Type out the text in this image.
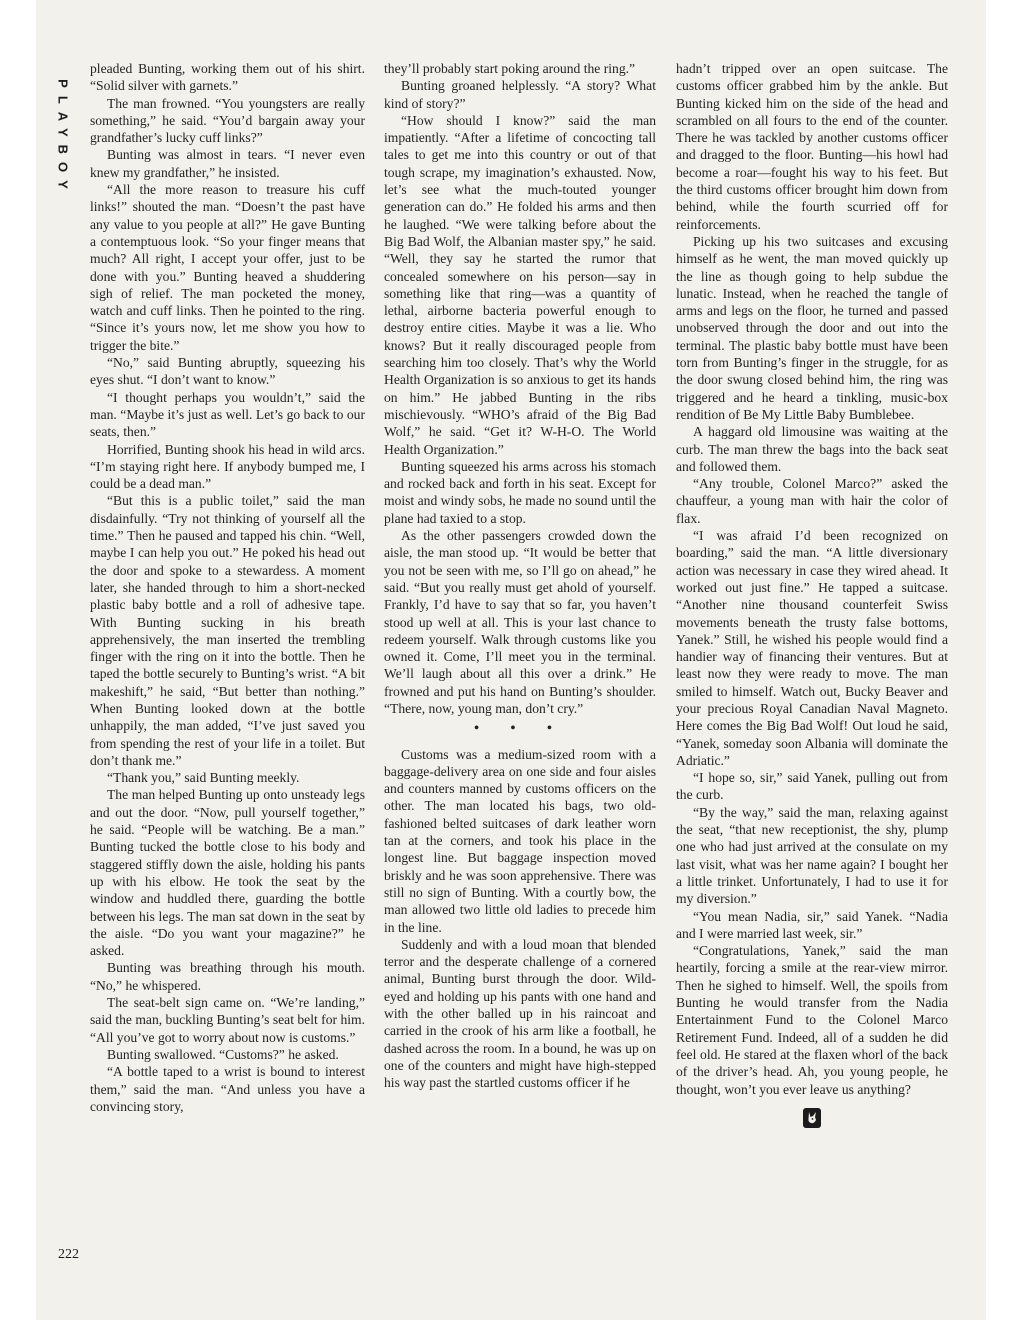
PLAYBOY
222

pleaded Bunting, working them out of his shirt. “Solid silver with garnets.”

The man frowned. “You youngsters are really something,” he said. “You’d bargain away your grandfather’s lucky cuff links?”

Bunting was almost in tears. “I never even knew my grandfather,” he insisted.

“All the more reason to treasure his cuff links!” shouted the man. “Doesn’t the past have any value to you people at all?” He gave Bunting a contemptuous look. “So your finger means that much? All right, I accept your offer, just to be done with you.” Bunting heaved a shuddering sigh of relief. The man pocketed the money, watch and cuff links. Then he pointed to the ring. “Since it’s yours now, let me show you how to trigger the bite.”

“No,” said Bunting abruptly, squeezing his eyes shut. “I don’t want to know.”

“I thought perhaps you wouldn’t,” said the man. “Maybe it’s just as well. Let’s go back to our seats, then.”

Horrified, Bunting shook his head in wild arcs. “I’m staying right here. If anybody bumped me, I could be a dead man.”

“But this is a public toilet,” said the man disdainfully. “Try not thinking of yourself all the time.” Then he paused and tapped his chin. “Well, maybe I can help you out.” He poked his head out the door and spoke to a stewardess. A moment later, she handed through to him a short-necked plastic baby bottle and a roll of adhesive tape. With Bunting sucking in his breath apprehensively, the man inserted the trembling finger with the ring on it into the bottle. Then he taped the bottle securely to Bunting’s wrist. “A bit makeshift,” he said, “But better than nothing.” When Bunting looked down at the bottle unhappily, the man added, “I’ve just saved you from spending the rest of your life in a toilet. But don’t thank me.”

“Thank you,” said Bunting meekly.

The man helped Bunting up onto unsteady legs and out the door. “Now, pull yourself together,” he said. “People will be watching. Be a man.” Bunting tucked the bottle close to his body and staggered stiffly down the aisle, holding his pants up with his elbow. He took the seat by the window and huddled there, guarding the bottle between his legs. The man sat down in the seat by the aisle. “Do you want your magazine?” he asked.

Bunting was breathing through his mouth. “No,” he whispered.

The seat-belt sign came on. “We’re landing,” said the man, buckling Bunting’s seat belt for him. “All you’ve got to worry about now is customs.”

Bunting swallowed. “Customs?” he asked.

“A bottle taped to a wrist is bound to interest them,” said the man. “And unless you have a convincing story,

they’ll probably start poking around the ring.”

Bunting groaned helplessly. “A story? What kind of story?”

“How should I know?” said the man impatiently. “After a lifetime of concocting tall tales to get me into this country or out of that tough scrape, my imagination’s exhausted. Now, let’s see what the much-touted younger generation can do.” He folded his arms and then he laughed. “We were talking before about the Big Bad Wolf, the Albanian master spy,” he said. “Well, they say he started the rumor that concealed somewhere on his person—say in something like that ring—was a quantity of lethal, airborne bacteria powerful enough to destroy entire cities. Maybe it was a lie. Who knows? But it really discouraged people from searching him too closely. That’s why the World Health Organization is so anxious to get its hands on him.” He jabbed Bunting in the ribs mischievously. “WHO’s afraid of the Big Bad Wolf,” he said. “Get it? W-H-O. The World Health Organization.”

Bunting squeezed his arms across his stomach and rocked back and forth in his seat. Except for moist and windy sobs, he made no sound until the plane had taxied to a stop.

As the other passengers crowded down the aisle, the man stood up. “It would be better that you not be seen with me, so I’ll go on ahead,” he said. “But you really must get ahold of yourself. Frankly, I’d have to say that so far, you haven’t stood up well at all. This is your last chance to redeem yourself. Walk through customs like you owned it. Come, I’ll meet you in the terminal. We’ll laugh about all this over a drink.” He frowned and put his hand on Bunting’s shoulder. “There, now, young man, don’t cry.”

• • •

Customs was a medium-sized room with a baggage-delivery area on one side and four aisles and counters manned by customs officers on the other. The man located his bags, two old-fashioned belted suitcases of dark leather worn tan at the corners, and took his place in the longest line. But baggage inspection moved briskly and he was soon apprehensive. There was still no sign of Bunting. With a courtly bow, the man allowed two little old ladies to precede him in the line.

Suddenly and with a loud moan that blended terror and the desperate challenge of a cornered animal, Bunting burst through the door. Wild-eyed and holding up his pants with one hand and with the other balled up in his raincoat and carried in the crook of his arm like a football, he dashed across the room. In a bound, he was up on one of the counters and might have high-stepped his way past the startled customs officer if he

hadn’t tripped over an open suitcase. The customs officer grabbed him by the ankle. But Bunting kicked him on the side of the head and scrambled on all fours to the end of the counter. There he was tackled by another customs officer and dragged to the floor. Bunting—his howl had become a roar—fought his way to his feet. But the third customs officer brought him down from behind, while the fourth scurried off for reinforcements.

Picking up his two suitcases and excusing himself as he went, the man moved quickly up the line as though going to help subdue the lunatic. Instead, when he reached the tangle of arms and legs on the floor, he turned and passed unobserved through the door and out into the terminal. The plastic baby bottle must have been torn from Bunting’s finger in the struggle, for as the door swung closed behind him, the ring was triggered and he heard a tinkling, music-box rendition of Be My Little Baby Bumblebee.

A haggard old limousine was waiting at the curb. The man threw the bags into the back seat and followed them.

“Any trouble, Colonel Marco?” asked the chauffeur, a young man with hair the color of flax.

“I was afraid I’d been recognized on boarding,” said the man. “A little diversionary action was necessary in case they wired ahead. It worked out just fine.” He tapped a suitcase. “Another nine thousand counterfeit Swiss movements beneath the trusty false bottoms, Yanek.” Still, he wished his people would find a handier way of financing their ventures. But at least now they were ready to move. The man smiled to himself. Watch out, Bucky Beaver and your precious Royal Canadian Naval Magneto. Here comes the Big Bad Wolf! Out loud he said, “Yanek, someday soon Albania will dominate the Adriatic.”

“I hope so, sir,” said Yanek, pulling out from the curb.

“By the way,” said the man, relaxing against the seat, “that new receptionist, the shy, plump one who had just arrived at the consulate on my last visit, what was her name again? I bought her a little trinket. Unfortunately, I had to use it for my diversion.”

“You mean Nadia, sir,” said Yanek. “Nadia and I were married last week, sir.”

“Congratulations, Yanek,” said the man heartily, forcing a smile at the rear-view mirror. Then he sighed to himself. Well, the spoils from Bunting he would transfer from the Nadia Entertainment Fund to the Colonel Marco Retirement Fund. Indeed, all of a sudden he did feel old. He stared at the flaxen whorl of the back of the driver’s head. Ah, you young people, he thought, won’t you ever leave us anything?
